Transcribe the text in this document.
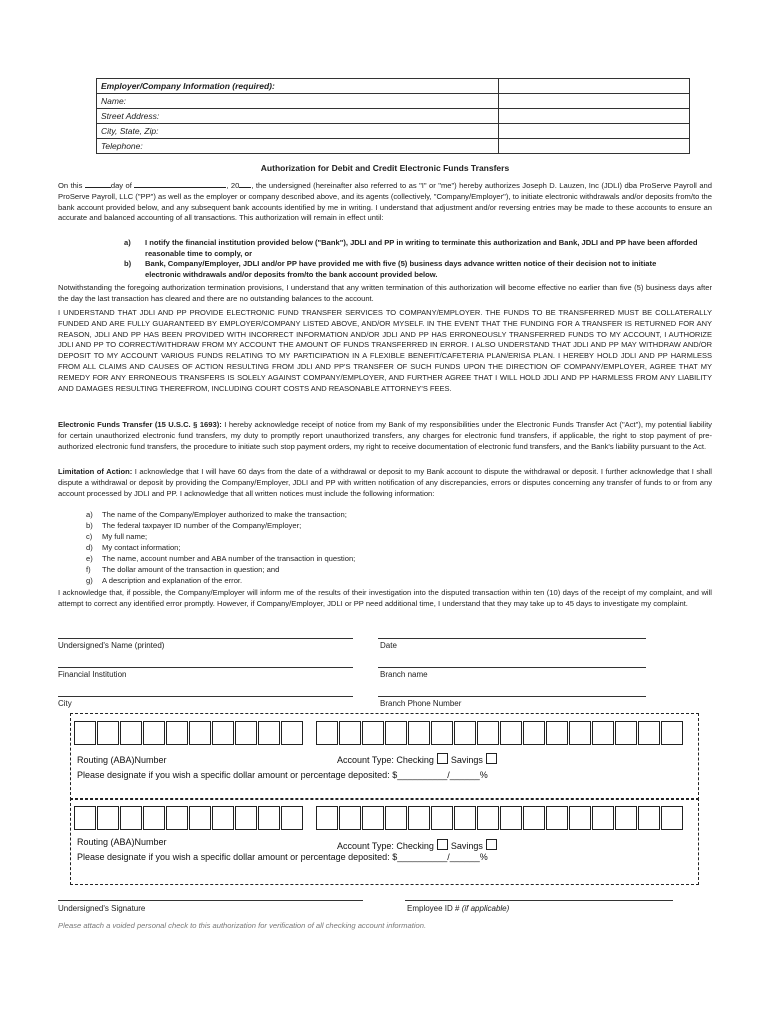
Employer/Company Information (required):	
Name:	
Street Address:	
City, State, Zip:	
Telephone:	
Authorization for Debit and Credit Electronic Funds Transfers
On this	day of	, 20 , the undersigned (hereinafter also referred to as "I" or "me") hereby authorizes Joseph D. Lauzen, Inc (JDLI) dba ProServe Payroll and ProServe Payroll, LLC ("PP") as well as the employer or company described above, and its agents (collectively, "Company/Employer"), to initiate electronic withdrawals and/or deposits from/to the bank account provided below, and any subsequent bank accounts identified by me in writing. I understand that adjustment and/or reversing entries may be made to these accounts to ensure an accurate and balanced accounting of all transactions. This authorization will remain in effect until:
a) I notify the financial institution provided below ("Bank"), JDLI and PP in writing to terminate this authorization and Bank, JDLI and PP have been afforded reasonable time to comply, or
b) Bank, Company/Employer, JDLI and/or PP have provided me with five (5) business days advance written notice of their decision not to initiate electronic withdrawals and/or deposits from/to the bank account provided below.
Notwithstanding the foregoing authorization termination provisions, I understand that any written termination of this authorization will become effective no earlier than five (5) business days after the day the last transaction has cleared and there are no outstanding balances to the account.
I UNDERSTAND THAT JDLI AND PP PROVIDE ELECTRONIC FUND TRANSFER SERVICES TO COMPANY/EMPLOYER. THE FUNDS TO BE TRANSFERRED MUST BE COLLATERALLY FUNDED AND ARE FULLY GUARANTEED BY EMPLOYER/COMPANY LISTED ABOVE, AND/OR MYSELF. IN THE EVENT THAT THE FUNDING FOR A TRANSFER IS RETURNED FOR ANY REASON, JDLI AND PP HAS BEEN PROVIDED WITH INCORRECT INFORMATION AND/OR JDLI AND PP HAS ERRONEOUSLY TRANSFERRED FUNDS TO MY ACCOUNT, I AUTHORIZE JDLI AND PP TO CORRECT/WITHDRAW FROM MY ACCOUNT THE AMOUNT OF FUNDS TRANSFERRED IN ERROR. I ALSO UNDERSTAND THAT JDLI AND PP MAY WITHDRAW AND/OR DEPOSIT TO MY ACCOUNT VARIOUS FUNDS RELATING TO MY PARTICIPATION IN A FLEXIBLE BENEFIT/CAFETERIA PLAN/ERISA PLAN. I HEREBY HOLD JDLI AND PP HARMLESS FROM ALL CLAIMS AND CAUSES OF ACTION RESULTING FROM JDLI AND PP'S TRANSFER OF SUCH FUNDS UPON THE DIRECTION OF COMPANY/EMPLOYER, AGREE THAT MY REMEDY FOR ANY ERRONEOUS TRANSFERS IS SOLELY AGAINST COMPANY/EMPLOYER, AND FURTHER AGREE THAT I WILL HOLD JDLI AND PP HARMLESS FROM ANY LIABILITY AND DAMAGES RESULTING THEREFROM, INCLUDING COURT COSTS AND REASONABLE ATTORNEY'S FEES.
Electronic Funds Transfer (15 U.S.C. § 1693): I hereby acknowledge receipt of notice from my Bank of my responsibilities under the Electronic Funds Transfer Act ("Act"), my potential liability for certain unauthorized electronic fund transfers, my duty to promptly report unauthorized transfers, any charges for electronic fund transfers, if applicable, the right to stop payment of pre-authorized electronic fund transfers, the procedure to initiate such stop payment orders, my right to receive documentation of electronic fund transfers, and the Bank's liability pursuant to the Act.
Limitation of Action: I acknowledge that I will have 60 days from the date of a withdrawal or deposit to my Bank account to dispute the withdrawal or deposit. I further acknowledge that I shall dispute a withdrawal or deposit by providing the Company/Employer, JDLI and PP with written notification of any discrepancies, errors or disputes concerning any transfer of funds to or from any account processed by JDLI and PP. I acknowledge that all written notices must include the following information:
a) The name of the Company/Employer authorized to make the transaction;
b) The federal taxpayer ID number of the Company/Employer;
c) My full name;
d) My contact information;
e) The name, account number and ABA number of the transaction in question;
f) The dollar amount of the transaction in question; and
g) A description and explanation of the error.
I acknowledge that, if possible, the Company/Employer will inform me of the results of their investigation into the disputed transaction within ten (10) days of the receipt of my complaint, and will attempt to correct any identified error promptly. However, if Company/Employer, JDLI or PP need additional time, I understand that they may take up to 45 days to investigate my complaint.
Undersigned's Name (printed)	Date
Financial Institution	Branch name
City	Branch Phone Number
Routing (ABA)Number	Account Type: Checking Savings
Please designate if you wish a specific dollar amount or percentage deposited: $__________/______%
Routing (ABA)Number	Account Type: Checking Savings
Please designate if you wish a specific dollar amount or percentage deposited: $__________/______%
Undersigned's Signature	Employee ID # (if applicable)
Please attach a voided personal check to this authorization for verification of all checking account information.
